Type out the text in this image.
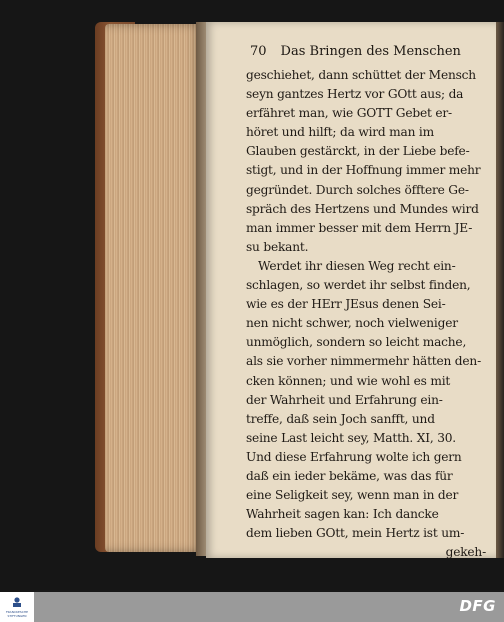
70 Das Bringen des Menschen
geschiehet, dann schüttet der Mensch
seyn gantzes Hertz vor GOtt aus; da
erfähret man, wie GOTT Gebet er-
höret und hilft; da wird man im
Glauben gestärckt, in der Liebe befe-
stigt, und in der Hoffnung immer mehr
gegründet. Durch solches öfftere Ge-
spräch des Hertzens und Mundes wird
man immer besser mit dem Herrn JE-
su bekant.
Werdet ihr diesen Weg recht ein-
schlagen, so werdet ihr selbst finden,
wie es der HErr JEsus denen Sei-
nen nicht schwer, noch vielweniger
unmöglich, sondern so leicht mache,
als sie vorher nimmermehr hätten den-
cken können; und wie wohl es mit
der Wahrheit und Erfahrung ein-
treffe, daß sein Joch sanfft, und
seine Last leicht sey, Matth. XI, 30.
Und diese Erfahrung wolte ich gern
daß ein ieder bekäme, was das für
eine Seligkeit sey, wenn man in der
Wahrheit sagen kan: Ich dancke
dem lieben GOtt, mein Hertz ist um-
gekeh-
FRANCKESCHE STIFTUNGEN
DFG
